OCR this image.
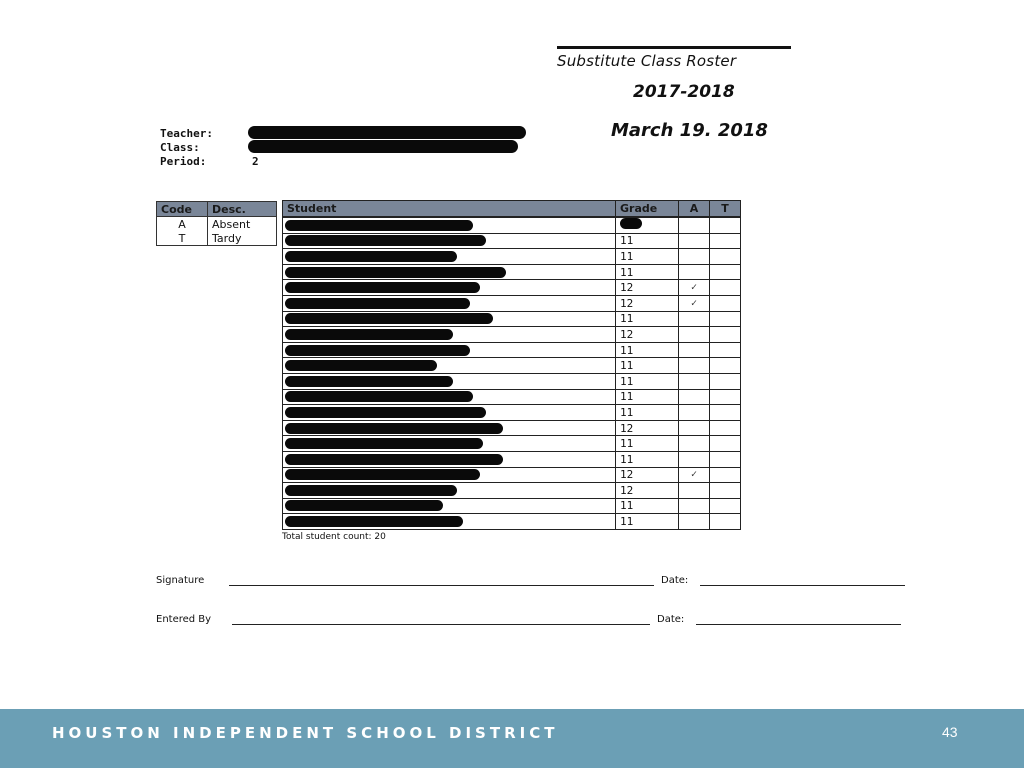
Substitute Class Roster
2017-2018
March 19. 2018
Teacher:
Class:
Period:	2
Code	Desc.
A	Absent
T	Tardy
Student	Grade	A	T

	11		

	11		

	11		

	12	✓	

	12	✓	

	11		

	12		

	11		

	11		

	11		

	11		

	11		

	12		

	11		

	11		

	12	✓	

	12		

	11		

	11		
Total student count: 20
Signature	Date:
Entered By	Date:
HOUSTON INDEPENDENT SCHOOL DISTRICT	43
